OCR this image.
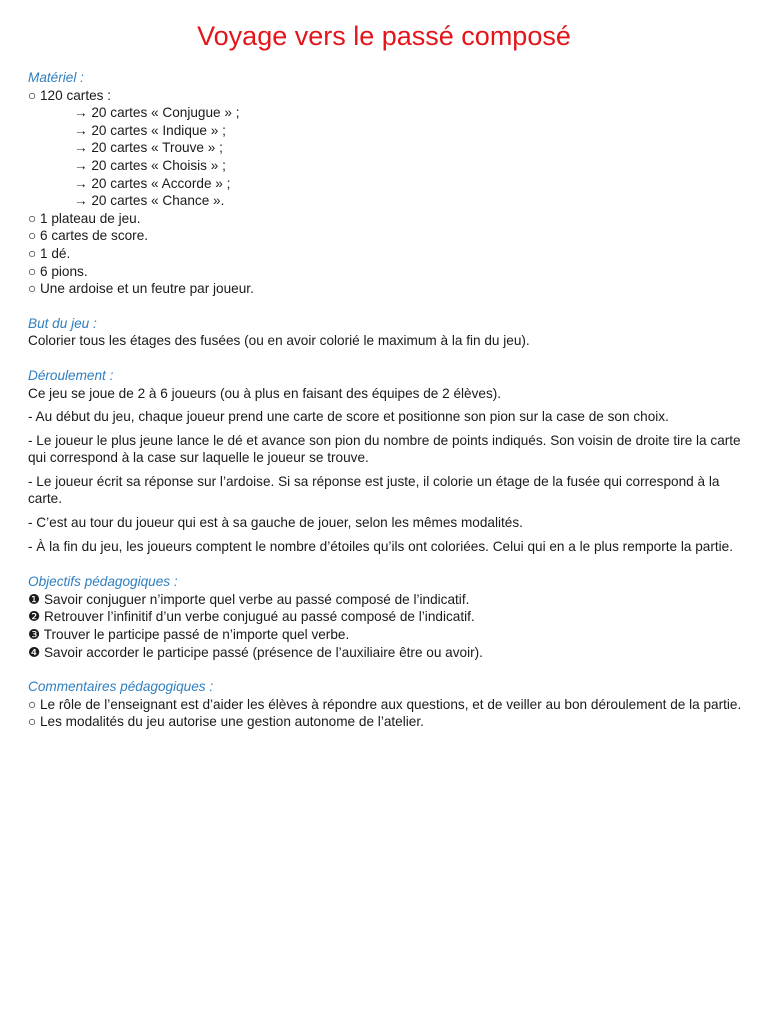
Voyage vers le passé composé
Matériel :
○ 120 cartes :
→ 20 cartes « Conjugue » ;
→ 20 cartes « Indique » ;
→ 20 cartes « Trouve » ;
→ 20 cartes « Choisis » ;
→ 20 cartes « Accorde » ;
→ 20 cartes « Chance ».
○ 1 plateau de jeu.
○ 6 cartes de score.
○ 1 dé.
○ 6 pions.
○ Une ardoise et un feutre par joueur.
But du jeu :
Colorier tous les étages des fusées (ou en avoir colorié le maximum à la fin du jeu).
Déroulement :
Ce jeu se joue de 2 à 6 joueurs (ou à plus en faisant des équipes de 2 élèves).
- Au début du jeu, chaque joueur prend une carte de score et positionne son pion sur la case de son choix.
- Le joueur le plus jeune lance le dé et avance son pion du nombre de points indiqués. Son voisin de droite tire la carte qui correspond à la case sur laquelle le joueur se trouve.
- Le joueur écrit sa réponse sur l’ardoise. Si sa réponse est juste, il colorie un étage de la fusée qui correspond à la carte.
- C’est au tour du joueur qui est à sa gauche de jouer, selon les mêmes modalités.
- À la fin du jeu, les joueurs comptent le nombre d’étoiles qu’ils ont coloriées. Celui qui en a le plus remporte la partie.
Objectifs pédagogiques :
❶ Savoir conjuguer n’importe quel verbe au passé composé de l’indicatif.
❷ Retrouver l’infinitif d’un verbe conjugué au passé composé de l’indicatif.
❸ Trouver le participe passé de n’importe quel verbe.
❹ Savoir accorder le participe passé (présence de l’auxiliaire être ou avoir).
Commentaires pédagogiques :
○ Le rôle de l’enseignant est d’aider les élèves à répondre aux questions, et de veiller au bon déroulement de la partie.
○ Les modalités du jeu autorise une gestion autonome de l’atelier.
